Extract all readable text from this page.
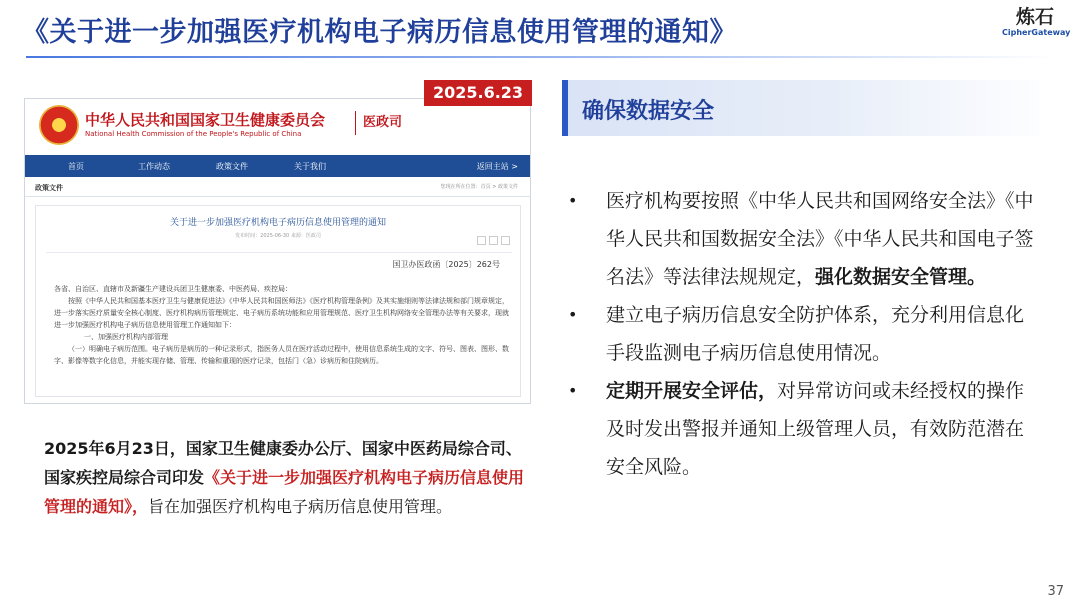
《关于进一步加强医疗机构电子病历信息使用管理的通知》	炼石
CipherGateway
中华人民共和国国家卫生健康委员会	医政司
National Health Commission of the People's Republic of China
首页	工作动态	政策文件	关于我们	返回主站 >
政策文件	您现在所在位置：首页 > 政策文件
关于进一步加强医疗机构电子病历信息使用管理的通知
发布时间：2025-06-30 来源：医政司
国卫办医政函〔2025〕262号

各省、自治区、直辖市及新疆生产建设兵团卫生健康委、中医药局、疾控局：

按照《中华人民共和国基本医疗卫生与健康促进法》《中华人民共和国医师法》《医疗机构管理条例》及其实施细则等法律法规和部门规章规定，进一步落实医疗质量安全核心制度、医疗机构病历管理规定、电子病历系统功能和应用管理规范、医疗卫生机构网络安全管理办法等有关要求，现就进一步加强医疗机构电子病历信息使用管理工作通知如下：

一、加强医疗机构内部管理

（一）明确电子病历范围。电子病历是病历的一种记录形式，指医务人员在医疗活动过程中，使用信息系统生成的文字、符号、图表、图形、数字、影像等数字化信息，并能实现存储、管理、传输和重现的医疗记录，包括门（急）诊病历和住院病历。

2025.6.23
2025年6月23日，国家卫生健康委办公厅、国家中医药局综合司、国家疾控局综合司印发《关于进一步加强医疗机构电子病历信息使用管理的通知》，旨在加强医疗机构电子病历信息使用管理。
确保数据安全
• 医疗机构要按照《中华人民共和国网络安全法》《中华人民共和国数据安全法》《中华人民共和国电子签名法》等法律法规规定，强化数据安全管理。
• 建立电子病历信息安全防护体系，充分利用信息化手段监测电子病历信息使用情况。
• 定期开展安全评估，对异常访问或未经授权的操作及时发出警报并通知上级管理人员，有效防范潜在安全风险。
37
